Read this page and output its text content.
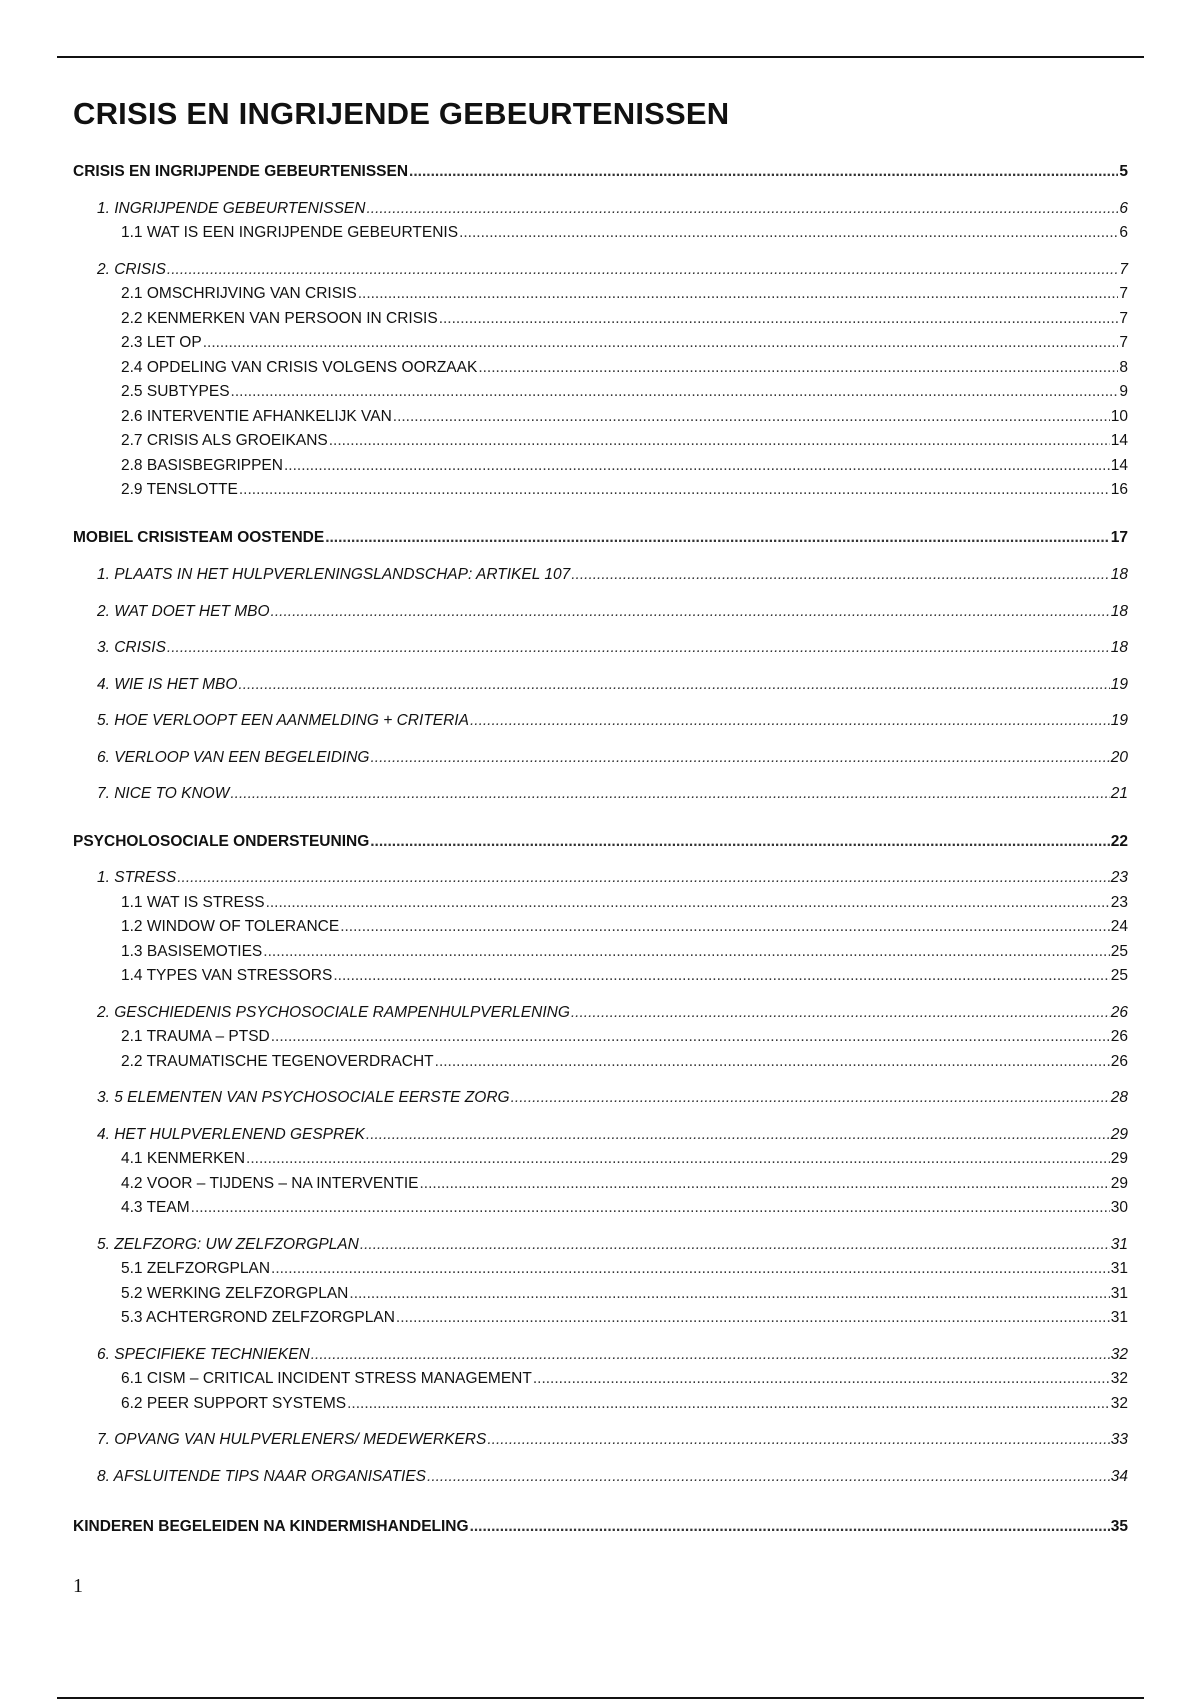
CRISIS EN INGRIJENDE GEBEURTENISSEN
CRISIS EN INGRIJPENDE GEBEURTENISSEN .....	5
1. INGRIJPENDE GEBEURTENISSEN .....	6
1.1 WAT IS EEN INGRIJPENDE GEBEURTENIS .....	6
2. CRISIS .....	7
2.1 OMSCHRIJVING VAN CRISIS .....	7
2.2 KENMERKEN VAN PERSOON IN CRISIS .....	7
2.3 LET OP .....	7
2.4 OPDELING VAN CRISIS VOLGENS OORZAAK .....	8
2.5 SUBTYPES .....	9
2.6 INTERVENTIE AFHANKELIJK VAN .....	10
2.7 CRISIS ALS GROEIKANS .....	14
2.8 BASISBEGRIPPEN .....	14
2.9 TENSLOTTE .....	16
MOBIEL CRISISTEAM OOSTENDE .....	17
1. PLAATS IN HET HULPVERLENINGSLANDSCHAP: ARTIKEL 107 .....	18
2. WAT DOET HET MBO .....	18
3. CRISIS .....	18
4. WIE IS HET MBO .....	19
5. HOE VERLOOPT EEN AANMELDING + CRITERIA .....	19
6. VERLOOP VAN EEN BEGELEIDING .....	20
7. NICE TO KNOW .....	21
PSYCHOLOSOCIALE ONDERSTEUNING .....	22
1. STRESS .....	23
1.1 WAT IS STRESS .....	23
1.2 WINDOW OF TOLERANCE .....	24
1.3 BASISEMOTIES .....	25
1.4 TYPES VAN STRESSORS .....	25
2. GESCHIEDENIS PSYCHOSOCIALE RAMPENHULPVERLENING .....	26
2.1 TRAUMA – PTSD .....	26
2.2 TRAUMATISCHE TEGENOVERDRACHT .....	26
3. 5 ELEMENTEN VAN PSYCHOSOCIALE EERSTE ZORG .....	28
4. HET HULPVERLENEND GESPREK .....	29
4.1 KENMERKEN .....	29
4.2 VOOR – TIJDENS – NA INTERVENTIE .....	29
4.3 TEAM .....	30
5. ZELFZORG: UW ZELFZORGPLAN .....	31
5.1 ZELFZORGPLAN .....	31
5.2 WERKING ZELFZORGPLAN .....	31
5.3 ACHTERGROND ZELFZORGPLAN .....	31
6. SPECIFIEKE TECHNIEKEN .....	32
6.1 CISM – CRITICAL INCIDENT STRESS MANAGEMENT .....	32
6.2 PEER SUPPORT SYSTEMS .....	32
7. OPVANG VAN HULPVERLENERS/ MEDEWERKERS .....	33
8. AFSLUITENDE TIPS NAAR ORGANISATIES .....	34
KINDEREN BEGELEIDEN NA KINDERMISHANDELING .....	35

1
